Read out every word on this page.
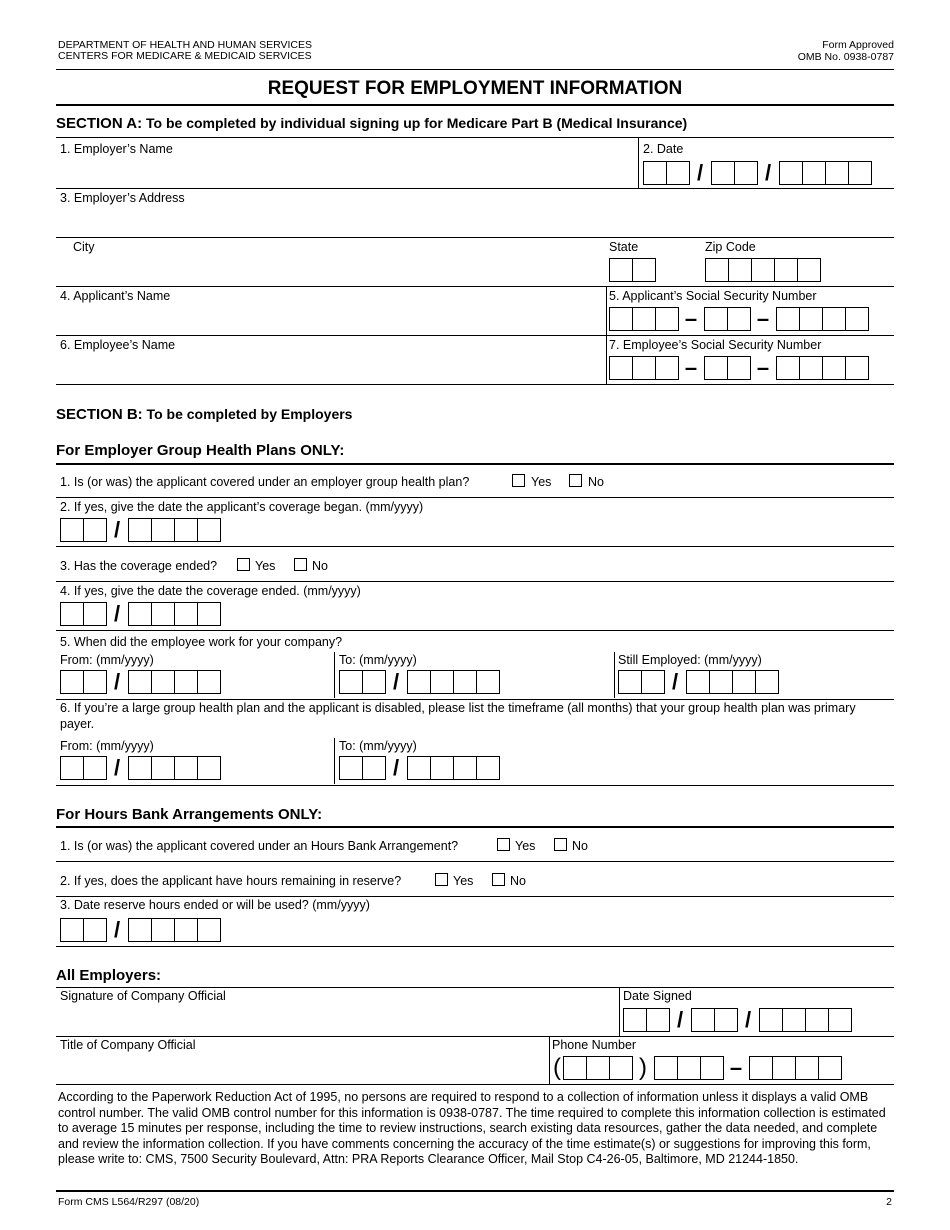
DEPARTMENT OF HEALTH AND HUMAN SERVICES
CENTERS FOR MEDICARE & MEDICAID SERVICES
Form Approved
OMB No. 0938-0787
REQUEST FOR EMPLOYMENT INFORMATION
SECTION A: To be completed by individual signing up for Medicare Part B (Medical Insurance)
1. Employer’s Name	2. Date
/	/
3. Employer’s Address
City	State	Zip Code
4. Applicant’s Name	5. Applicant’s Social Security Number
–	–
6. Employee’s Name	7. Employee’s Social Security Number
–	–
SECTION B: To be completed by Employers
For Employer Group Health Plans ONLY:
1. Is (or was) the applicant covered under an employer group health plan?	Yes	No
2. If yes, give the date the applicant’s coverage began. (mm/yyyy)
/
3. Has the coverage ended?	Yes	No
4. If yes, give the date the coverage ended. (mm/yyyy)
/
5. When did the employee work for your company?
From: (mm/yyyy)
/
To: (mm/yyyy)
/
Still Employed: (mm/yyyy)
/
6. If you’re a large group health plan and the applicant is disabled, please list the timeframe (all months) that your group health plan was primary payer.
From: (mm/yyyy)
/
To: (mm/yyyy)
/
For Hours Bank Arrangements ONLY:
1. Is (or was) the applicant covered under an Hours Bank Arrangement?	Yes	No
2. If yes, does the applicant have hours remaining in reserve?	Yes	No
3. Date reserve hours ended or will be used? (mm/yyyy)
/
All Employers:
Signature of Company Official	Date Signed
/	/
Title of Company Official	Phone Number
(	)	–
According to the Paperwork Reduction Act of 1995, no persons are required to respond to a collection of information unless it displays a valid OMB control number. The valid OMB control number for this information is 0938-0787. The time required to complete this information collection is estimated to average 15 minutes per response, including the time to review instructions, search existing data resources, gather the data needed, and complete and review the information collection. If you have comments concerning the accuracy of the time estimate(s) or suggestions for improving this form, please write to: CMS, 7500 Security Boulevard, Attn: PRA Reports Clearance Officer, Mail Stop C4-26-05, Baltimore, MD 21244-1850.
Form CMS L564/R297 (08/20)	2
